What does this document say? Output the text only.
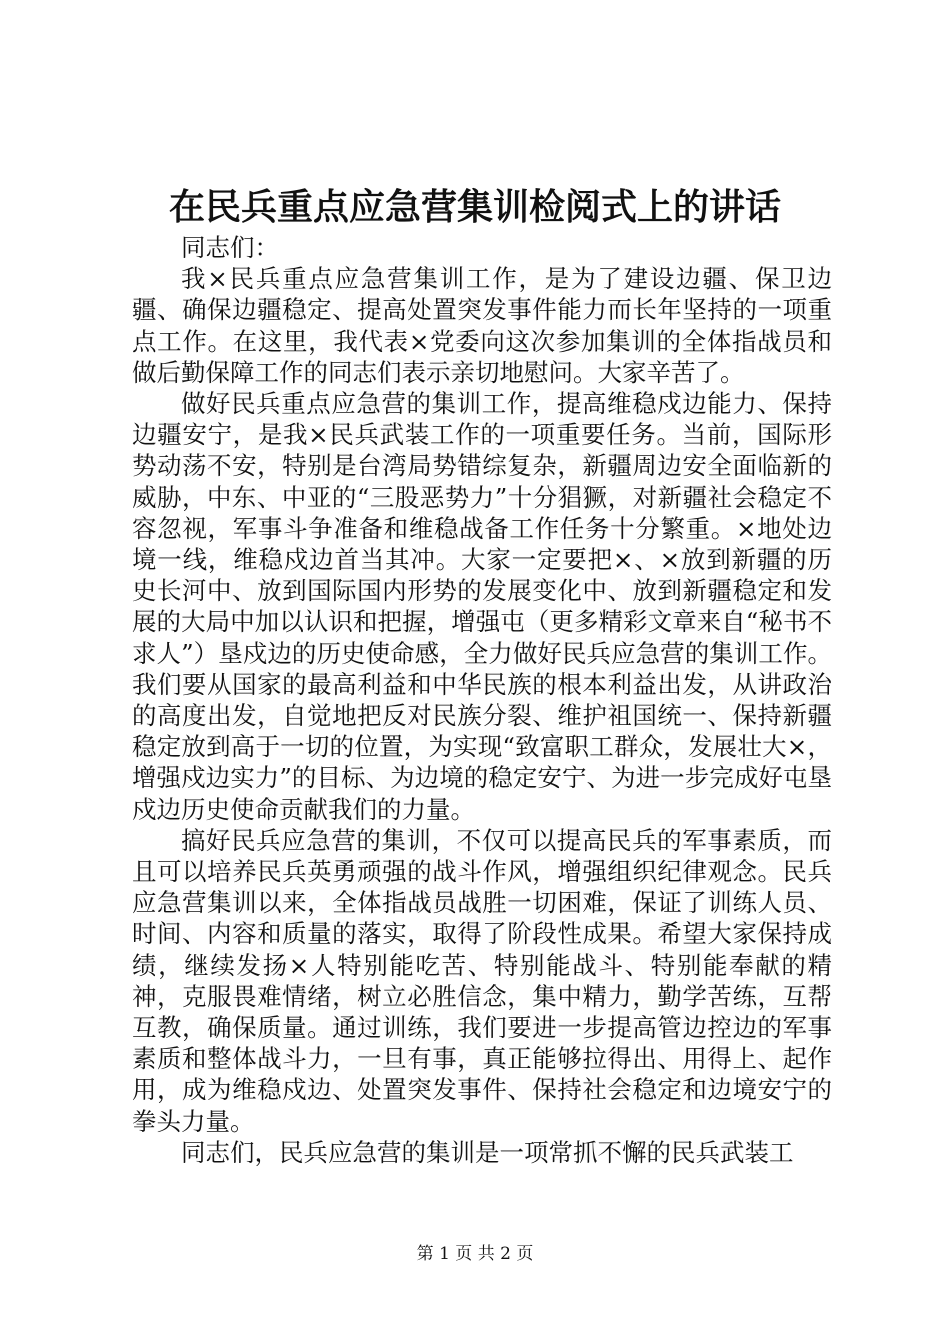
在民兵重点应急营集训检阅式上的讲话

同志们：

我×民兵重点应急营集训工作，是为了建设边疆、保卫边疆、确保边疆稳定、提高处置突发事件能力而长年坚持的一项重点工作。在这里，我代表×党委向这次参加集训的全体指战员和做后勤保障工作的同志们表示亲切地慰问。大家辛苦了。

做好民兵重点应急营的集训工作，提高维稳戍边能力、保持边疆安宁，是我×民兵武装工作的一项重要任务。当前，国际形势动荡不安，特别是台湾局势错综复杂，新疆周边安全面临新的威胁，中东、中亚的“三股恶势力”十分猖獗，对新疆社会稳定不容忽视，军事斗争准备和维稳战备工作任务十分繁重。×地处边境一线，维稳戍边首当其冲。大家一定要把×、×放到新疆的历史长河中、放到国际国内形势的发展变化中、放到新疆稳定和发展的大局中加以认识和把握，增强屯（更多精彩文章来自“秘书不求人”）垦戍边的历史使命感，全力做好民兵应急营的集训工作。我们要从国家的最高利益和中华民族的根本利益出发，从讲政治的高度出发，自觉地把反对民族分裂、维护祖国统一、保持新疆稳定放到高于一切的位置，为实现“致富职工群众，发展壮大×，增强戍边实力”的目标、为边境的稳定安宁、为进一步完成好屯垦戍边历史使命贡献我们的力量。

搞好民兵应急营的集训，不仅可以提高民兵的军事素质，而且可以培养民兵英勇顽强的战斗作风，增强组织纪律观念。民兵应急营集训以来，全体指战员战胜一切困难，保证了训练人员、时间、内容和质量的落实，取得了阶段性成果。希望大家保持成绩，继续发扬×人特别能吃苦、特别能战斗、特别能奉献的精神，克服畏难情绪，树立必胜信念，集中精力，勤学苦练，互帮互教，确保质量。通过训练，我们要进一步提高管边控边的军事素质和整体战斗力，一旦有事，真正能够拉得出、用得上、起作用，成为维稳戍边、处置突发事件、保持社会稳定和边境安宁的拳头力量。

同志们，民兵应急营的集训是一项常抓不懈的民兵武装工

第 1 页 共 2 页
